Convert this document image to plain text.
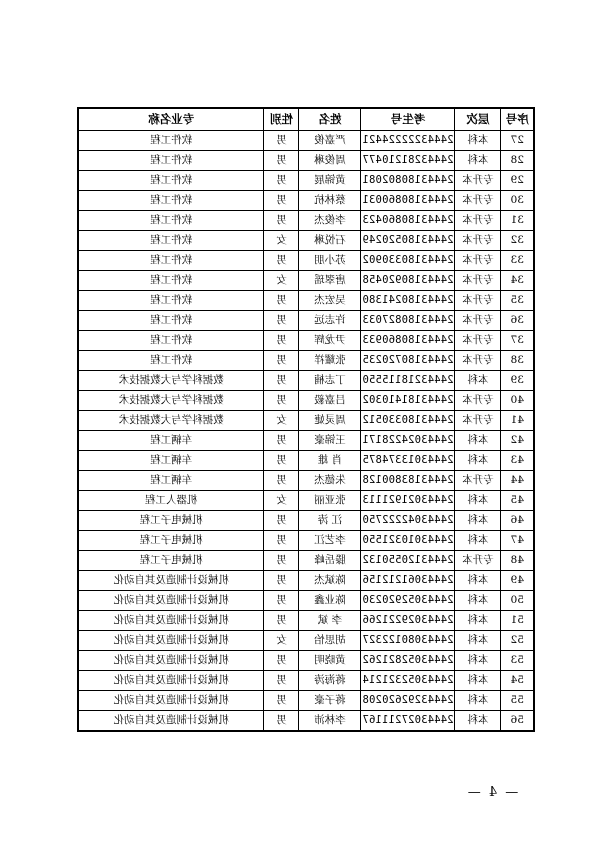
序号	层次	考生号	姓名	性别	专业名称
27	本科	24443222224421	严嘉俊	男	软件工程
28	本科	24443281210477	周俊琳	男	软件工程
29	专升本	24443180802081	黄锦展	男	软件工程
30	专升本	24443180860031	蔡林杭	男	软件工程
31	专升本	24443180860423	李俊杰	男	软件工程
32	专升本	24443180520249	石悦琳	女	软件工程
33	专升本	24443180330902	苏小朋	男	软件工程
34	专升本	24443180920458	唐翠瑶	女	软件工程
35	专升本	24443180241380	吴宏杰	男	软件工程
36	专升本	24443180827033	许志远	男	软件工程
37	专升本	24443180860933	尹龙辉	男	软件工程
38	专升本	24443180720235	张耀祥	男	软件工程
39	本科	24443218115550	丁志楠	男	数据科学与大数据技术
40	专升本	24443181410302	吕嘉毅	男	数据科学与大数据技术
41	专升本	24443180330512	周灵婕	女	数据科学与大数据技术
42	本科	24443024228171	王锦豪	男	车辆工程
43	本科	24443013374875	肖 雄	男	车辆工程
44	专升本	24443183800128	朱德杰	男	车辆工程
45	本科	24443021921113	张亚丽	女	机器人工程
46	本科	24443042222750	江 涛	男	机械电子工程
47	本科	24443010321550	李艺江	男	机械电子工程
48	专升本	24443120550132	滕岳峰	男	机械电子工程
49	本科	24443061212156	陈斌杰	男	机械设计制造及其自动化
50	本科	24443052920230	陈业鑫	男	机械设计制造及其自动化
51	本科	24443029221266	李 斌	男	机械设计制造及其自动化
52	本科	24443080122327	胡思怡	女	机械设计制造及其自动化
53	本科	24443052821262	黄晓明	男	机械设计制造及其自动化
54	本科	24443052321214	蒋海涛	男	机械设计制造及其自动化
55	本科	24443292620208	蒋子豪	男	机械设计制造及其自动化
56	本科	24443027211167	李林沛	男	机械设计制造及其自动化
— 4 —
